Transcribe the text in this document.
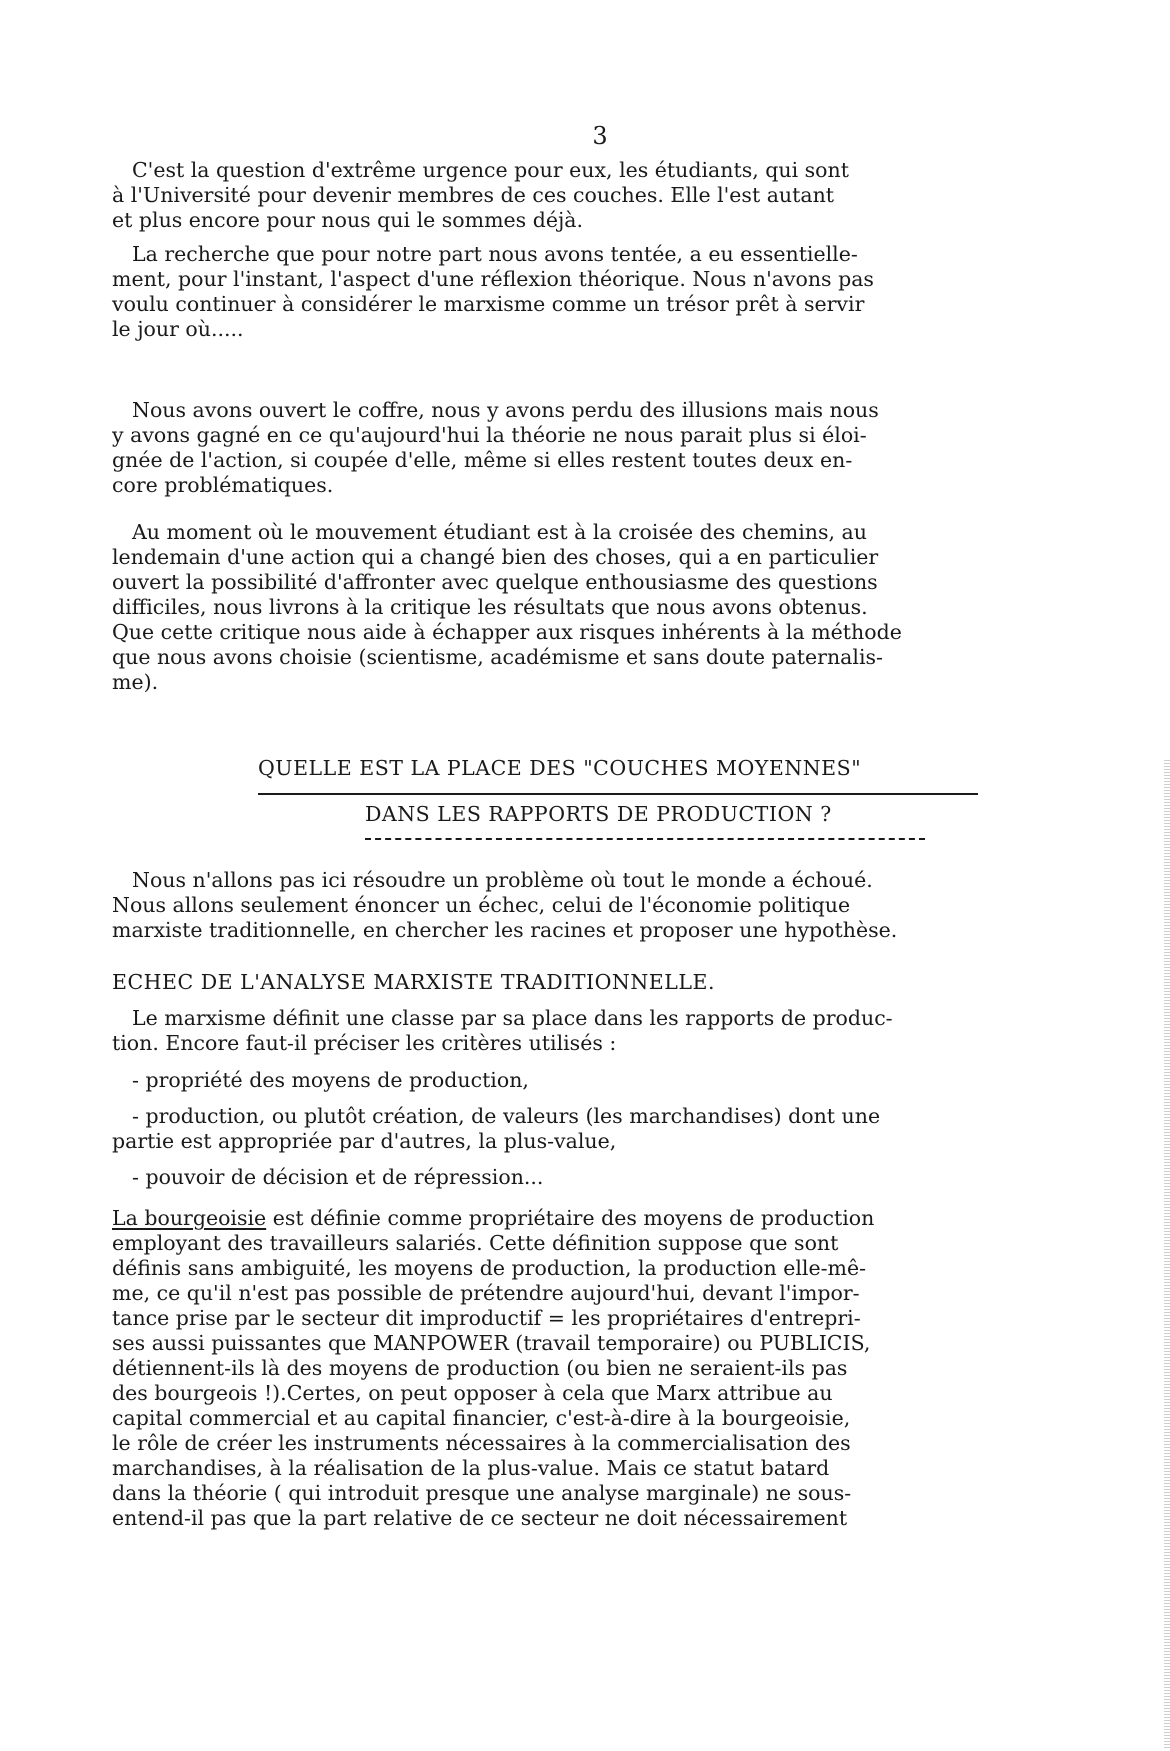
3
C'est la question d'extrême urgence pour eux, les étudiants, qui sont
à l'Université pour devenir membres de ces couches. Elle l'est autant
et plus encore pour nous qui le sommes déjà.
La recherche que pour notre part nous avons tentée, a eu essentielle-
ment, pour l'instant, l'aspect d'une réflexion théorique. Nous n'avons pas
voulu continuer à considérer le marxisme comme un trésor prêt à servir
le jour où.....
Nous avons ouvert le coffre, nous y avons perdu des illusions mais nous
y avons gagné en ce qu'aujourd'hui la théorie ne nous parait plus si éloi-
gnée de l'action, si coupée d'elle, même si elles restent toutes deux en-
core problématiques.
Au moment où le mouvement étudiant est à la croisée des chemins, au
lendemain d'une action qui a changé bien des choses, qui a en particulier
ouvert la possibilité d'affronter avec quelque enthousiasme des questions
difficiles, nous livrons à la critique les résultats que nous avons obtenus.
Que cette critique nous aide à échapper aux risques inhérents à la méthode
que nous avons choisie (scientisme, académisme et sans doute paternalis-
me).
QUELLE EST LA PLACE DES "COUCHES MOYENNES"
DANS LES RAPPORTS DE PRODUCTION ?
Nous n'allons pas ici résoudre un problème où tout le monde a échoué.
Nous allons seulement énoncer un échec, celui de l'économie politique
marxiste traditionnelle, en chercher les racines et proposer une hypothèse.
ECHEC DE L'ANALYSE MARXISTE TRADITIONNELLE.
Le marxisme définit une classe par sa place dans les rapports de produc-
tion. Encore faut-il préciser les critères utilisés :
- propriété des moyens de production,
- production, ou plutôt création, de valeurs (les marchandises) dont une
partie est appropriée par d'autres, la plus-value,
- pouvoir de décision et de répression...
La bourgeoisie est définie comme propriétaire des moyens de production
employant des travailleurs salariés. Cette définition suppose que sont
définis sans ambiguité, les moyens de production, la production elle-mê-
me, ce qu'il n'est pas possible de prétendre aujourd'hui, devant l'impor-
tance prise par le secteur dit improductif = les propriétaires d'entrepri-
ses aussi puissantes que MANPOWER (travail temporaire) ou PUBLICIS,
détiennent-ils là des moyens de production (ou bien ne seraient-ils pas
des bourgeois !).Certes, on peut opposer à cela que Marx attribue au
capital commercial et au capital financier, c'est-à-dire à la bourgeoisie,
le rôle de créer les instruments nécessaires à la commercialisation des
marchandises, à la réalisation de la plus-value. Mais ce statut batard
dans la théorie ( qui introduit presque une analyse marginale) ne sous-
entend-il pas que la part relative de ce secteur ne doit nécessairement
